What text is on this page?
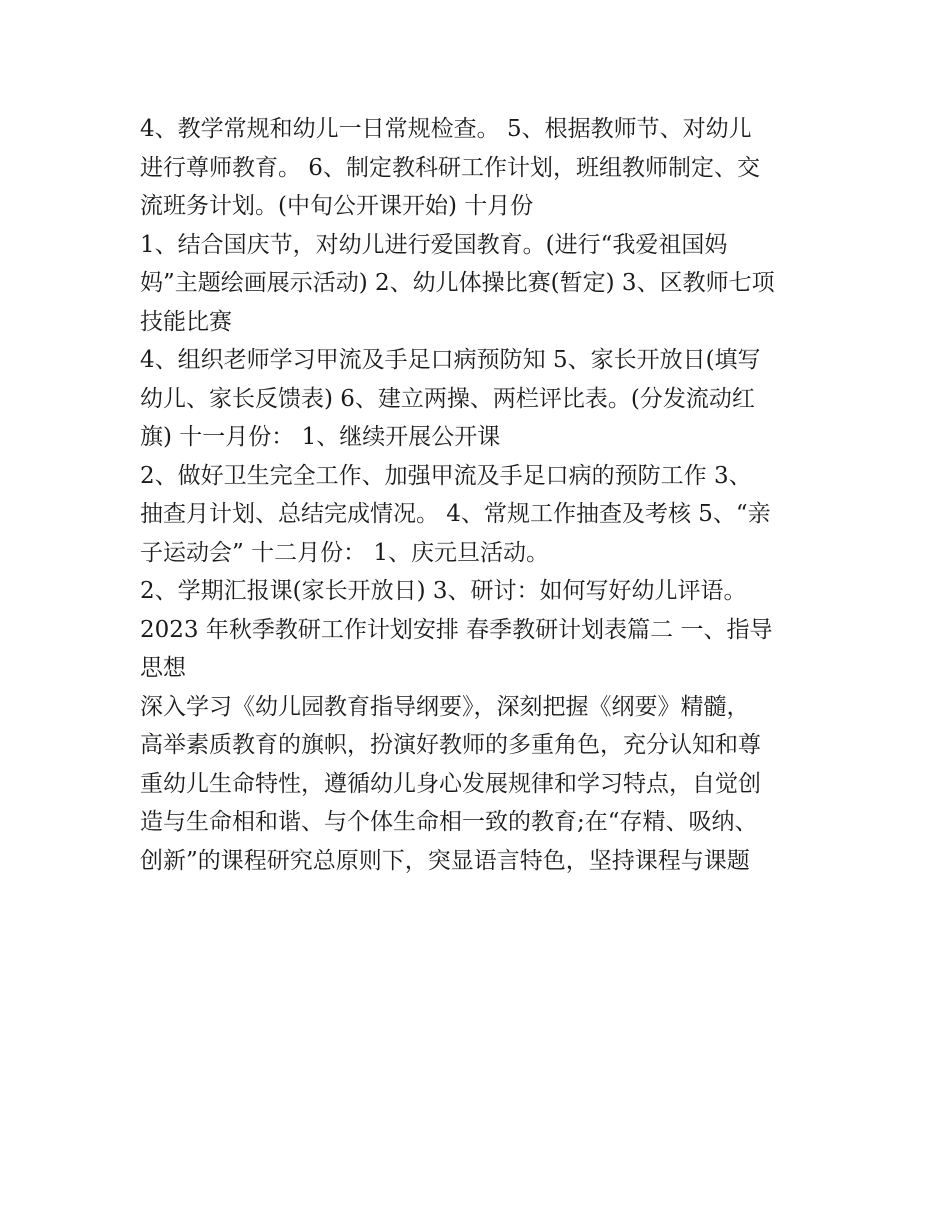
4、教学常规和幼儿一日常规检查。 5、根据教师节、对幼儿
进行尊师教育。 6、制定教科研工作计划，班组教师制定、交
流班务计划。(中旬公开课开始) 十月份
1、结合国庆节，对幼儿进行爱国教育。(进行“我爱祖国妈
妈”主题绘画展示活动) 2、幼儿体操比赛(暂定) 3、区教师七项
技能比赛
4、组织老师学习甲流及手足口病预防知 5、家长开放日(填写
幼儿、家长反馈表) 6、建立两操、两栏评比表。(分发流动红
旗) 十一月份： 1、继续开展公开课
2、做好卫生完全工作、加强甲流及手足口病的预防工作 3、
抽查月计划、总结完成情况。 4、常规工作抽查及考核 5、“亲
子运动会” 十二月份： 1、庆元旦活动。
2、学期汇报课(家长开放日) 3、研讨：如何写好幼儿评语。
2023 年秋季教研工作计划安排 春季教研计划表篇二 一、指导
思想
深入学习《幼儿园教育指导纲要》，深刻把握《纲要》精髓，
高举素质教育的旗帜，扮演好教师的多重角色，充分认知和尊
重幼儿生命特性，遵循幼儿身心发展规律和学习特点，自觉创
造与生命相和谐、与个体生命相一致的教育;在“存精、吸纳、
创新”的课程研究总原则下，突显语言特色，坚持课程与课题
